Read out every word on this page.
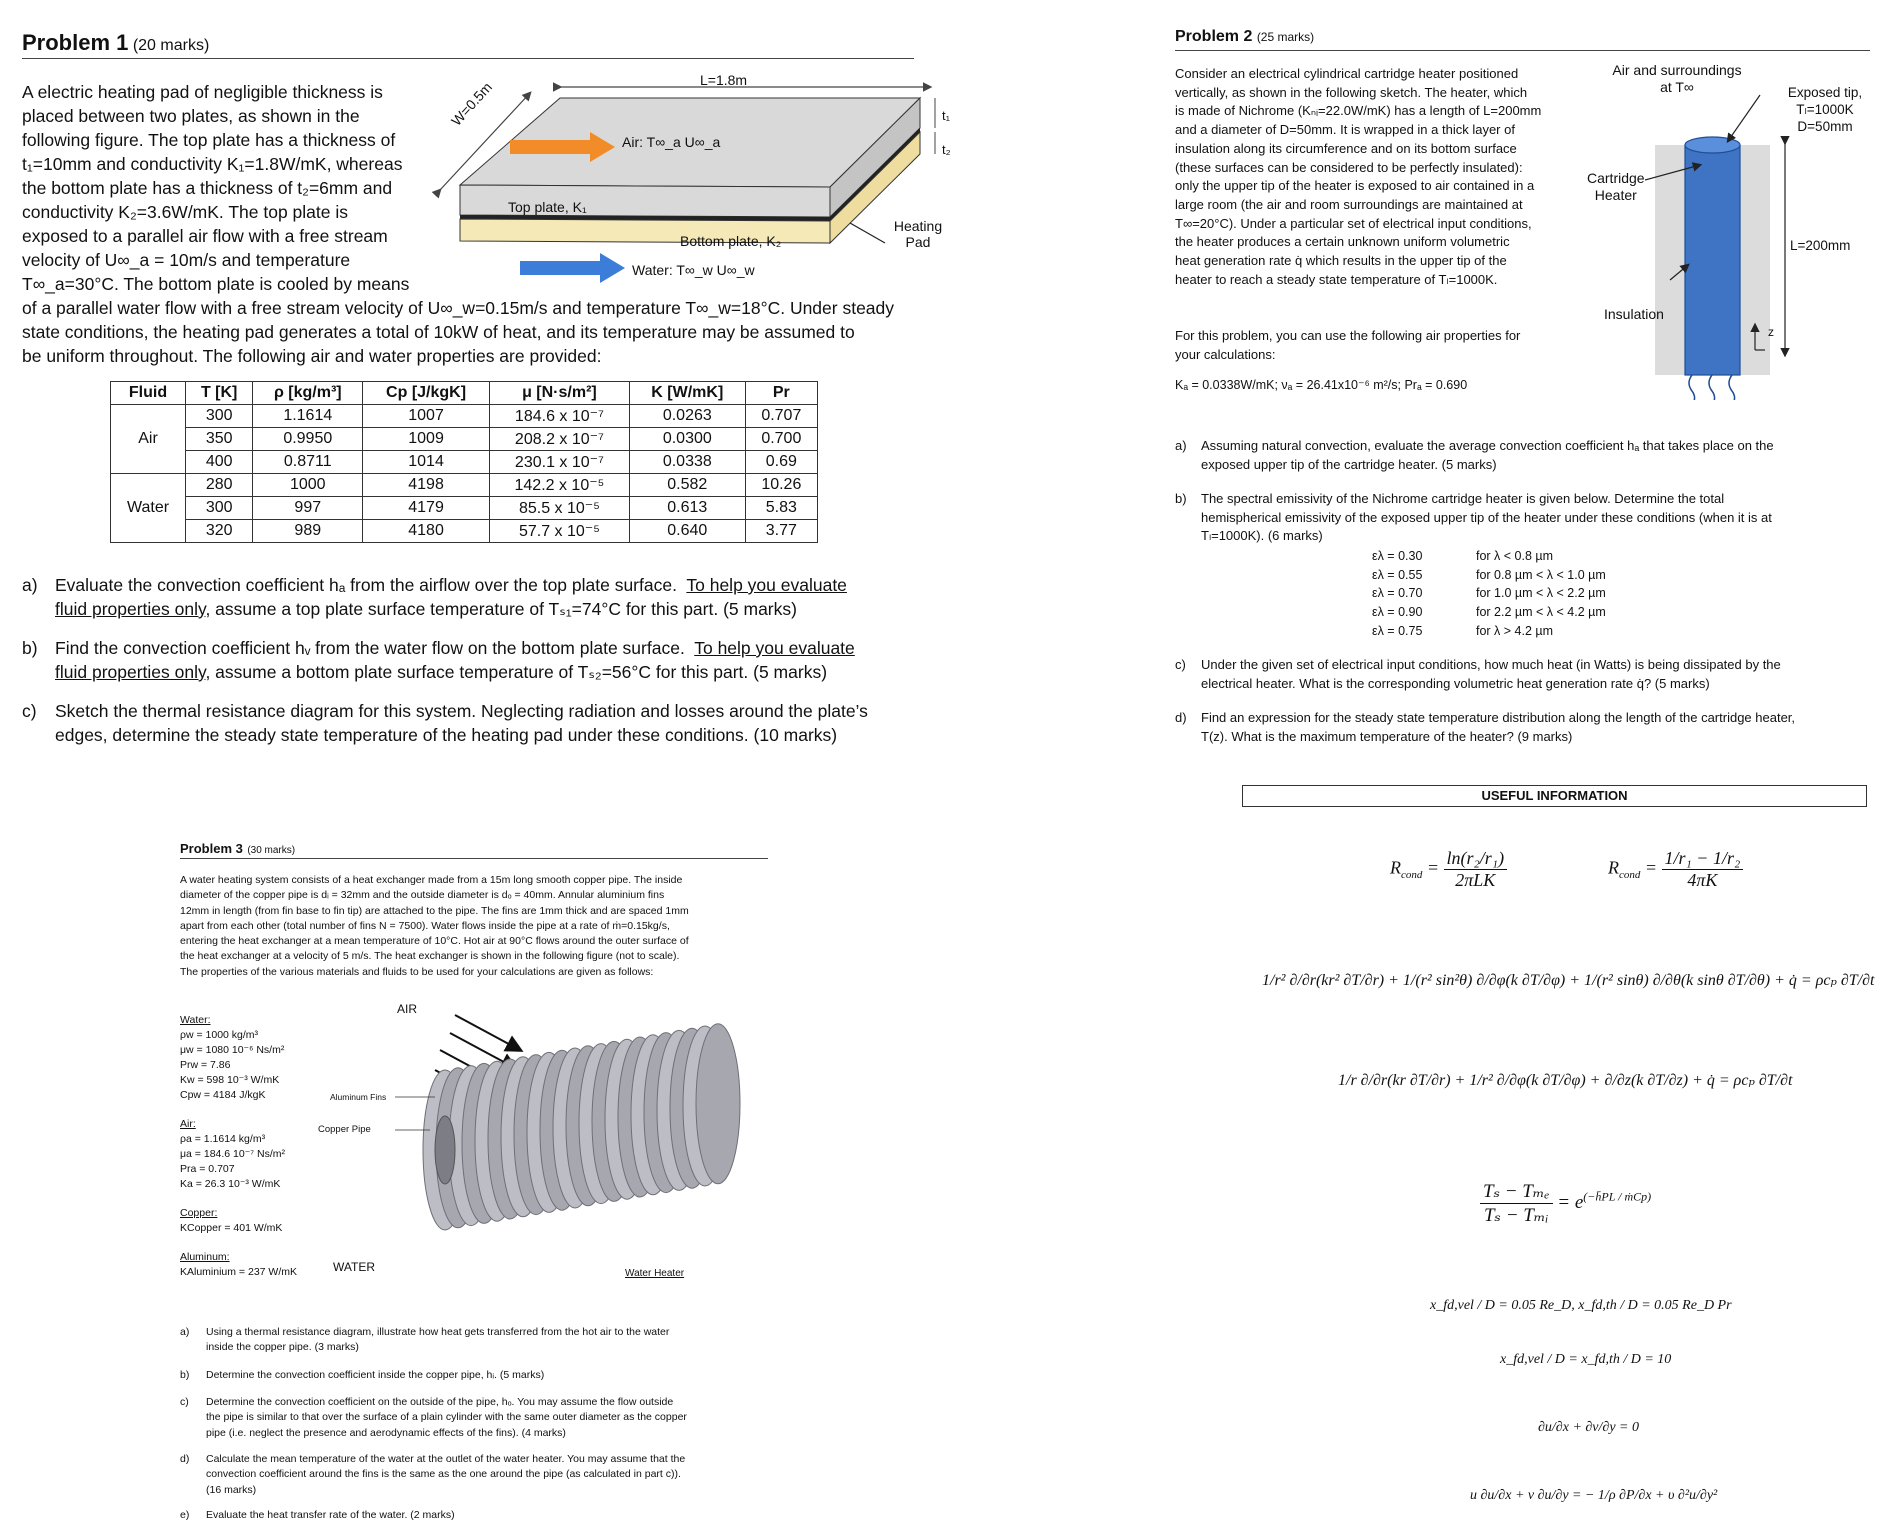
Problem 1 (20 marks)
A electric heating pad of negligible thickness is
placed between two plates, as shown in the
following figure. The top plate has a thickness of
t₁=10mm and conductivity K₁=1.8W/mK, whereas
the bottom plate has a thickness of t₂=6mm and
conductivity K₂=3.6W/mK. The top plate is
exposed to a parallel air flow with a free stream
velocity of U∞_a = 10m/s and temperature
T∞_a=30°C. The bottom plate is cooled by means
of a parallel water flow with a free stream velocity of U∞_w=0.15m/s and temperature T∞_w=18°C. Under steady
state conditions, the heating pad generates a total of 10kW of heat, and its temperature may be assumed to
be uniform throughout. The following air and water properties are provided:
L=1.8m
W=0.5m	t₁
t₂
Air: T∞_a U∞_a
Top plate, K₁
Bottom plate, K₂
Heating Pad
Water: T∞_w U∞_w
Fluid	T [K]	ρ [kg/m³]	Cp [J/kgK]	μ [N·s/m²]	K [W/mK]	Pr
Air	300	1.1614	1007	184.6 x 10⁻⁷	0.0263	0.707
	350	0.9950	1009	208.2 x 10⁻⁷	0.0300	0.700
	400	0.8711	1014	230.1 x 10⁻⁷	0.0338	0.69
Water	280	1000	4198	142.2 x 10⁻⁵	0.582	10.26
	300	997	4179	85.5 x 10⁻⁵	0.613	5.83
	320	989	4180	57.7 x 10⁻⁵	0.640	3.77
a) Evaluate the convection coefficient hₐ from the airflow over the top plate surface. To help you evaluate
fluid properties only, assume a top plate surface temperature of Tₛ₁=74°C for this part. (5 marks)
b) Find the convection coefficient hᵥ from the water flow on the bottom plate surface. To help you evaluate
fluid properties only, assume a bottom plate surface temperature of Tₛ₂=56°C for this part. (5 marks)
c) Sketch the thermal resistance diagram for this system. Neglecting radiation and losses around the plate’s
edges, determine the steady state temperature of the heating pad under these conditions. (10 marks)
Problem 2 (25 marks)
Consider an electrical cylindrical cartridge heater positioned
vertically, as shown in the following sketch. The heater, which
is made of Nichrome (Kₙᵢ=22.0W/mK) has a length of L=200mm
and a diameter of D=50mm. It is wrapped in a thick layer of
insulation along its circumference and on its bottom surface
(these surfaces can be considered to be perfectly insulated):
only the upper tip of the heater is exposed to air contained in a
large room (the air and room surroundings are maintained at
T∞=20°C). Under a particular set of electrical input conditions,
the heater produces a certain unknown uniform volumetric
heat generation rate q̇ which results in the upper tip of the
heater to reach a steady state temperature of Tₗ=1000K.
Air and surroundings
at T∞	Exposed tip,
Tₗ=1000K
D=50mm
Cartridge
Heater
L=200mm
Insulation
z
For this problem, you can use the following air properties for
your calculations:
Kₐ = 0.0338W/mK; νₐ = 26.41x10⁻⁶ m²/s; Prₐ = 0.690
a) Assuming natural convection, evaluate the average convection coefficient hₐ that takes place on the
exposed upper tip of the cartridge heater. (5 marks)
b) The spectral emissivity of the Nichrome cartridge heater is given below. Determine the total
hemispherical emissivity of the exposed upper tip of the heater under these conditions (when it is at
Tₗ=1000K). (6 marks)
ελ = 0.30	for λ < 0.8 µm
ελ = 0.55	for 0.8 µm < λ < 1.0 µm
ελ = 0.70	for 1.0 µm < λ < 2.2 µm
ελ = 0.90	for 2.2 µm < λ < 4.2 µm
ελ = 0.75	for λ > 4.2 µm
c) Under the given set of electrical input conditions, how much heat (in Watts) is being dissipated by the
electrical heater. What is the corresponding volumetric heat generation rate q̇? (5 marks)
d) Find an expression for the steady state temperature distribution along the length of the cartridge heater,
T(z). What is the maximum temperature of the heater? (9 marks)
USEFUL INFORMATION
$R_{cond} = \frac{\text{ln(r₂/r₁)}}{\text{2πLK}}$	$R_{cond} = \frac{\text{1/r₁ − 1/r₂}}{4\pi K}$
1/r² ∂/∂r(kr² ∂T/∂r) + 1/(r² sin²θ) ∂/∂φ(k ∂T/∂φ) + 1/(r² sinθ) ∂/∂θ(k sinθ ∂T/∂θ) + q̇ = ρcₚ ∂T/∂t
1/r ∂/∂r(kr ∂T/∂r) + 1/r² ∂/∂φ(k ∂T/∂φ) + ∂/∂z(k ∂T/∂z) + q̇ = ρcₚ ∂T/∂t
$\frac{\text{Tₛ − Tₘₑ}}{\text{Tₛ − Tₘᵢ}} = e^{(-h̄PL / ṁCp)}$
x_fd,vel / D = 0.05 Re_D, x_fd,th / D = 0.05 Re_D Pr
x_fd,vel / D = x_fd,th / D = 10
∂u/∂x + ∂v/∂y = 0
u ∂u/∂x + v ∂u/∂y = − 1/ρ ∂P/∂x + υ ∂²u/∂y²
Problem 3 (30 marks)
A water heating system consists of a heat exchanger made from a 15m long smooth copper pipe. The inside
diameter of the copper pipe is dᵢ = 32mm and the outside diameter is dₒ = 40mm. Annular aluminium fins
12mm in length (from fin base to fin tip) are attached to the pipe. The fins are 1mm thick and are spaced 1mm
apart from each other (total number of fins N = 7500). Water flows inside the pipe at a rate of ṁ=0.15kg/s,
entering the heat exchanger at a mean temperature of 10°C. Hot air at 90°C flows around the outer surface of
the heat exchanger at a velocity of 5 m/s. The heat exchanger is shown in the following figure (not to scale).
The properties of the various materials and fluids to be used for your calculations are given as follows:
Water:
ρw = 1000 kg/m³
μw = 1080 10⁻⁶ Ns/m²
Prw = 7.86
Kw = 598 10⁻³ W/mK
Cpw = 4184 J/kgK
Air:
ρa = 1.1614 kg/m³
μa = 184.6 10⁻⁷ Ns/m²
Pra = 0.707
Ka = 26.3 10⁻³ W/mK
Copper:
KCopper = 401 W/mK
Aluminum:
KAluminium = 237 W/mK
AIR
Aluminum Fins
Copper Pipe
WATER	Water Heater
a) Using a thermal resistance diagram, illustrate how heat gets transferred from the hot air to the water
inside the copper pipe. (3 marks)
b) Determine the convection coefficient inside the copper pipe, hᵢ. (5 marks)
c) Determine the convection coefficient on the outside of the pipe, hₒ. You may assume the flow outside
the pipe is similar to that over the surface of a plain cylinder with the same outer diameter as the copper
pipe (i.e. neglect the presence and aerodynamic effects of the fins). (4 marks)
d) Calculate the mean temperature of the water at the outlet of the water heater. You may assume that the
convection coefficient around the fins is the same as the one around the pipe (as calculated in part c)).
(16 marks)
e) Evaluate the heat transfer rate of the water. (2 marks)
